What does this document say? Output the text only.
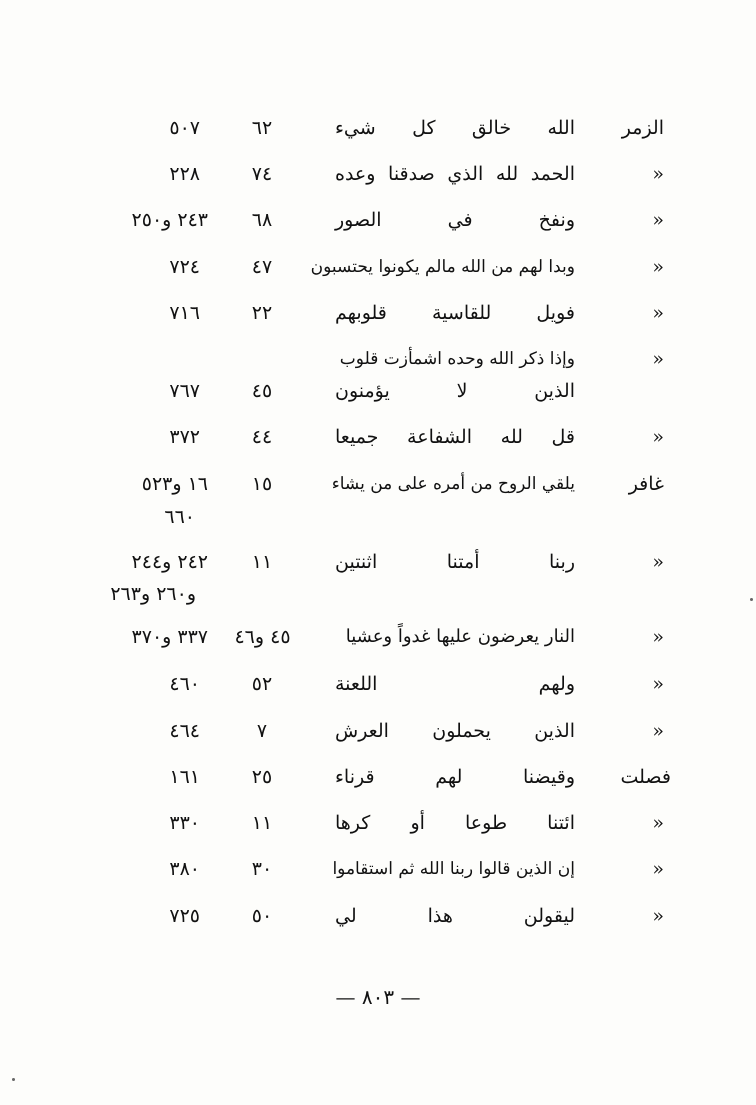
الزمر
الله خالق كل شيء
٦٢
٥٠٧
«
الحمد لله الذي صدقنا وعده
٧٤
٢٢٨
«
ونفخ في الصور
٦٨
٢٤٣ و٢٥٠
«
وبدا لهم من الله مالم يكونوا يحتسبون
٤٧
٧٢٤
«
فويل للقاسية قلوبهم
٢٢
٧١٦
«
وإذا ذكر الله وحده اشمأزت قلوب
الذين لا يؤمنون
٤٥
٧٦٧
«
قل لله الشفاعة جميعا
٤٤
٣٧٢
غافر
يلقي الروح من أمره على من يشاء
١٥
١٦ و٥٢٣
٦٦٠
«
ربنا أمتنا اثنتين
١١
٢٤٢ و٢٤٤
و٢٦٠ و٢٦٣
«
النار يعرضون عليها غدواً وعشيا
٤٥ و٤٦
٣٣٧ و٣٧٠
«
ولهم اللعنة
٥٢
٤٦٠
«
الذين يحملون العرش
٧
٤٦٤
فصلت
وقيضنا لهم قرناء
٢٥
١٦١
«
ائتنا طوعا أو كرها
١١
٣٣٠
«
إن الذين قالوا ربنا الله ثم استقاموا
٣٠
٣٨٠
«
ليقولن هذا لي
٥٠
٧٢٥
— ٨٠٣ —
